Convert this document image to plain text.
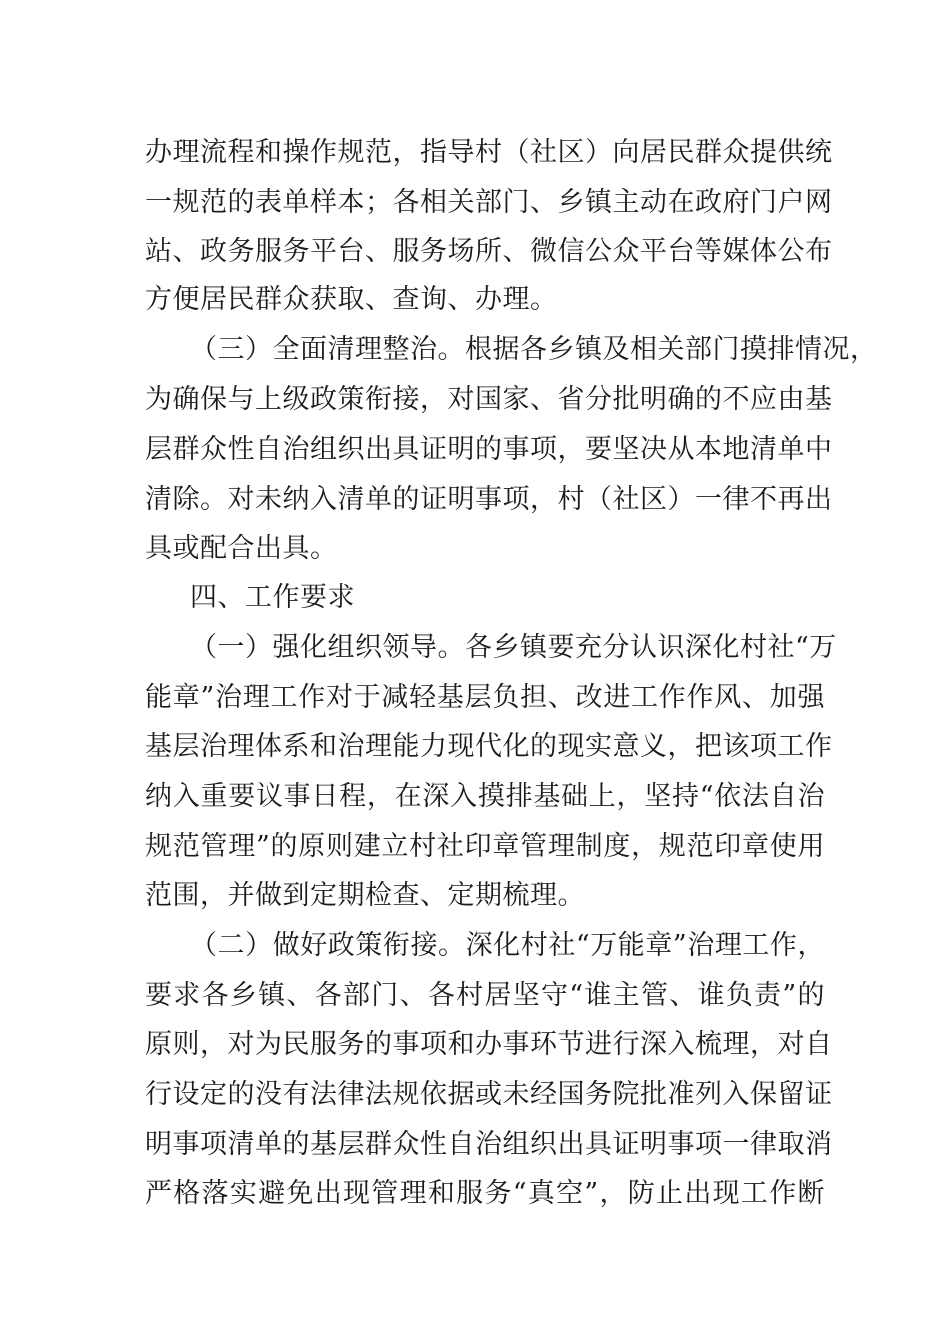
办理流程和操作规范，指导村（社区）向居民群众提供统
一规范的表单样本；各相关部门、乡镇主动在政府门户网
站、政务服务平台、服务场所、微信公众平台等媒体公布
方便居民群众获取、查询、办理。
（三）全面清理整治。根据各乡镇及相关部门摸排情况，
为确保与上级政策衔接，对国家、省分批明确的不应由基
层群众性自治组织出具证明的事项，要坚决从本地清单中
清除。对未纳入清单的证明事项，村（社区）一律不再出
具或配合出具。
四、工作要求
（一）强化组织领导。各乡镇要充分认识深化村社“万
能章”治理工作对于减轻基层负担、改进工作作风、加强
基层治理体系和治理能力现代化的现实意义，把该项工作
纳入重要议事日程，在深入摸排基础上，坚持“依法自治
规范管理”的原则建立村社印章管理制度，规范印章使用
范围，并做到定期检查、定期梳理。
（二）做好政策衔接。深化村社“万能章”治理工作，
要求各乡镇、各部门、各村居坚守“谁主管、谁负责”的
原则，对为民服务的事项和办事环节进行深入梳理，对自
行设定的没有法律法规依据或未经国务院批准列入保留证
明事项清单的基层群众性自治组织出具证明事项一律取消
严格落实避免出现管理和服务“真空”，防止出现工作断
